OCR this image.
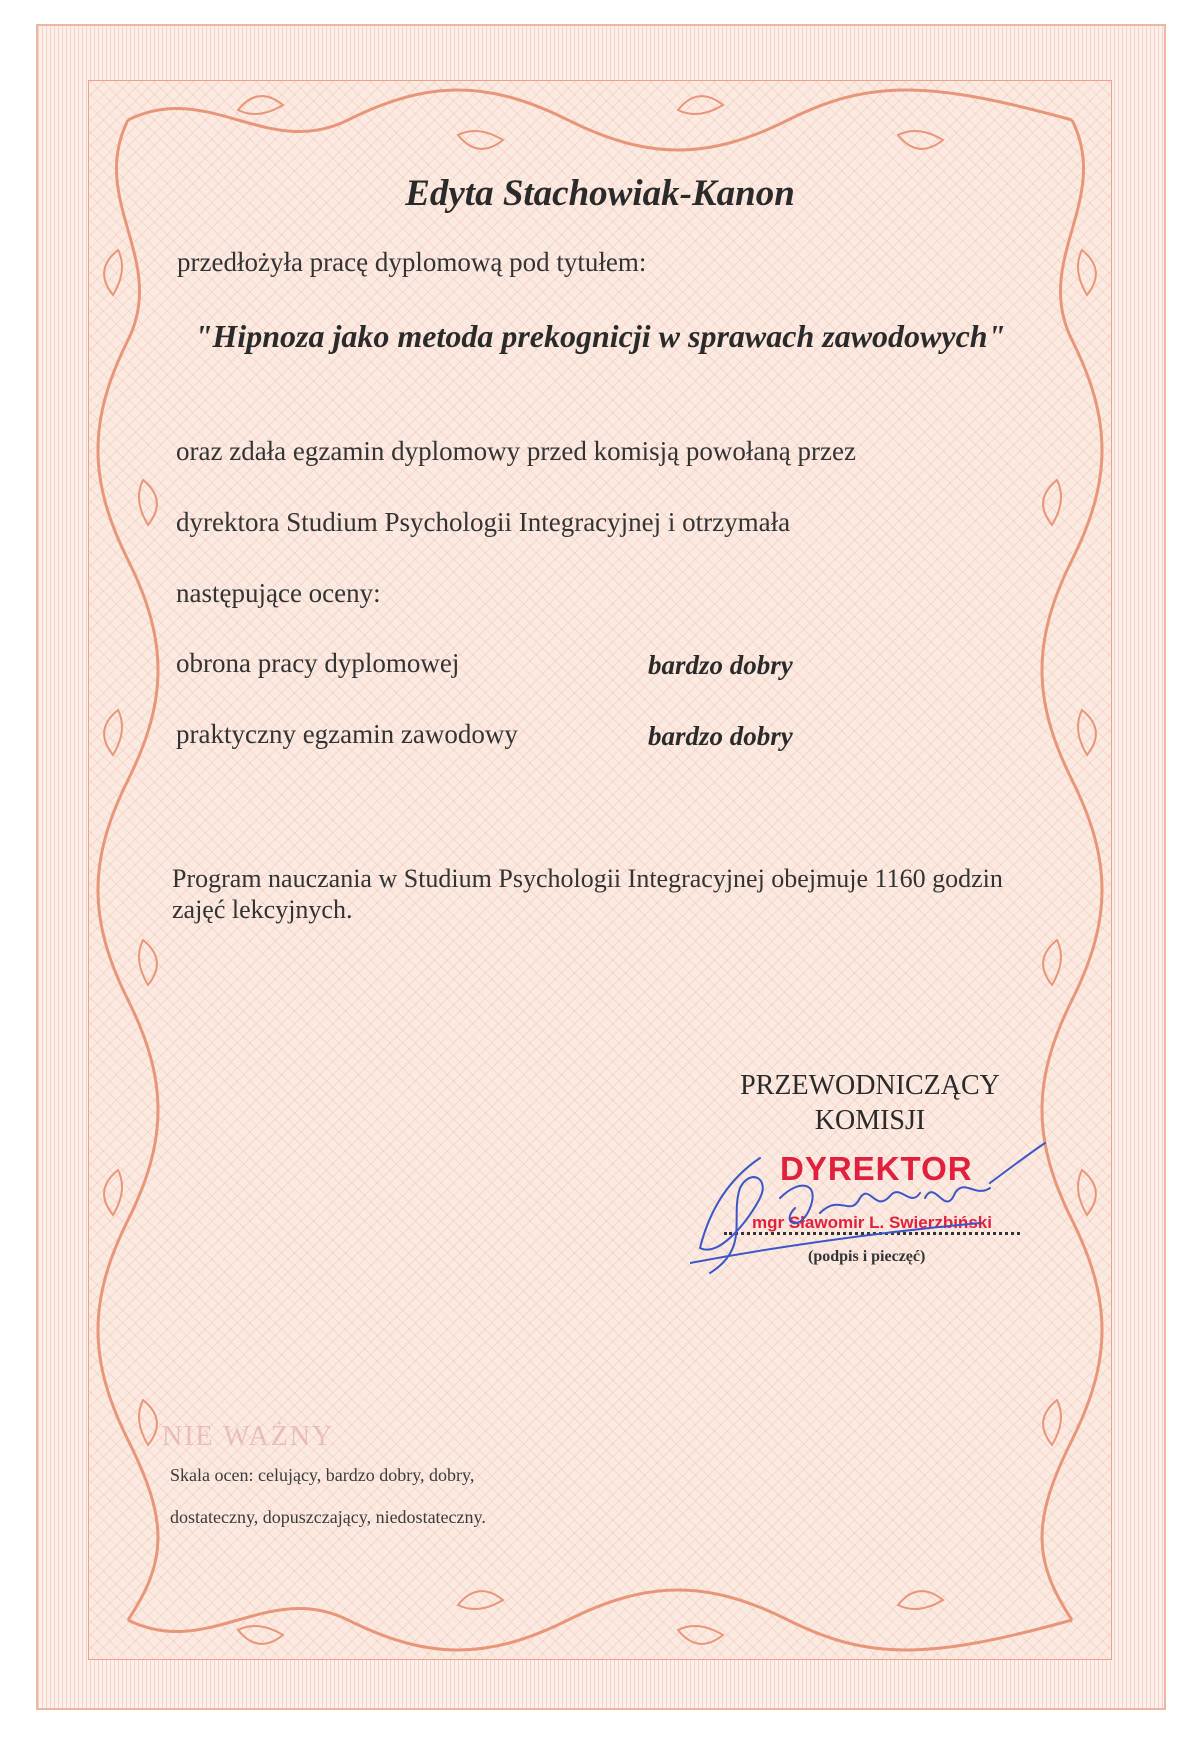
Edyta Stachowiak-Kanon
przedłożyła pracę dyplomową pod tytułem:
"Hipnoza jako metoda prekognicji w sprawach zawodowych"
oraz zdała egzamin dyplomowy przed komisją powołaną przez
dyrektora Studium Psychologii Integracyjnej i otrzymała
następujące oceny:
obrona pracy dyplomowej	bardzo dobry
praktyczny egzamin zawodowy	bardzo dobry
Program nauczania w Studium Psychologii Integracyjnej obejmuje 1160 godzin zajęć lekcyjnych.
PRZEWODNICZĄCY KOMISJI
DYREKTOR
mgr Sławomir L. Swierzbiński
(podpis i pieczęć)
NIE WAŻNY
Skala ocen: celujący, bardzo dobry, dobry,
dostateczny, dopuszczający, niedostateczny.
